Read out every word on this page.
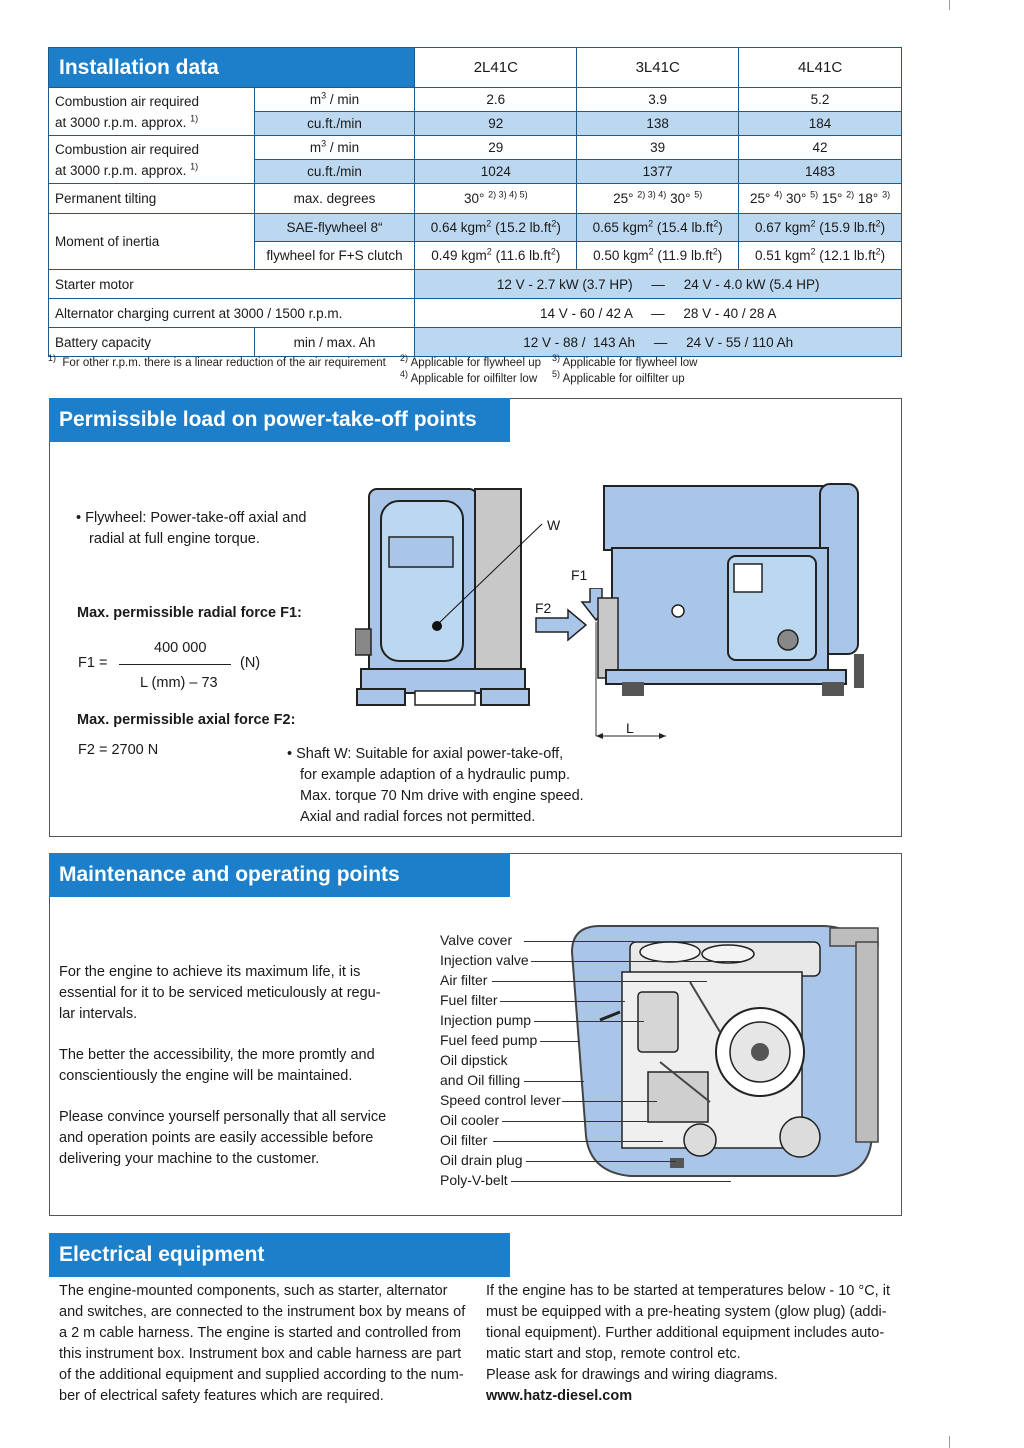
Installation data		2L41C	3L41C	4L41C
Combustion air required
at 3000 r.p.m. approx. $^{1)}$	$m^3$ / min	2.6	3.9	5.2
	cu.ft./min	92	138	184
Combustion air required
at 3000 r.p.m. approx. $^{1)}$	$m^3$ / min	29	39	42
	cu.ft./min	1024	1377	1483
Permanent tilting	max. degrees	30° $^{2) 3) 4) 5)}$	25° $^{2) 3) 4)}$ 30° $^{5)}$	25° $^{4)}$ 30° $^{5)}$ 15° $^{2)}$ 18° $^{3)}$
Moment of inertia	SAE-flywheel 8“	0.64 kgm$^2$ (15.2 $lb.ft^2$)	0.65 kgm$^2$ (15.4 $lb.ft^2$)	0.67 kgm$^2$ (15.9 $lb.ft^2$)
	flywheel for F+S clutch	0.49 kgm$^2$ (11.6 $lb.ft^2$)	0.50 kgm$^2$ (11.9 $lb.ft^2$)	0.51 kgm$^2$ (12.1 $lb.ft^2$)
Starter motor		12 V - 2.7 kW (3.7 HP)     —     24 V - 4.0 kW (5.4 HP)		
Alternator charging current at 3000 / 1500 r.p.m.		14 V - 60 / 42 A     —     28 V - 40 / 28 A		
Battery capacity	min / max. Ah	12 V - 88 /  143 Ah     —     24 V - 55 / 110 Ah		
$^{1)}$ For other r.p.m. there is a linear reduction of the air requirement $^{2)}$ Applicable for flywheel up $^{3)}$ Applicable for flywheel low
$^{4)}$ Applicable for oilfilter low $^{5)}$ Applicable for oilfilter up
Permissible load on power-take-off points
• Flywheel: Power-take-off axial and
radial at full engine torque.
Max. permissible radial force F1:
400 000
F1 =	(N)
L (mm) – 73
Max. permissible axial force F2:
F2 = 2700 N	• Shaft W: Suitable for axial power-take-off,
for example adaption of a hydraulic pump.
Max. torque 70 Nm drive with engine speed.
Axial and radial forces not permitted.
W
F1
F2
L
Maintenance and operating points
For the engine to achieve its maximum life, it is
essential for it to be serviced meticulously at regu-
lar intervals.
The better the accessibility, the more promtly and
conscientiously the engine will be maintained.
Please convince yourself personally that all service
and operation points are easily accessible before
delivering your machine to the customer.
Valve cover
Injection valve
Air filter
Fuel filter
Injection pump
Fuel feed pump
Oil dipstick
and Oil filling
Speed control lever
Oil cooler
Oil filter
Oil drain plug
Poly-V-belt
Electrical equipment
The engine-mounted components, such as starter, alternator
and switches, are connected to the instrument box by means of
a 2 m cable harness. The engine is started and controlled from
this instrument box. Instrument box and cable harness are part
of the additional equipment and supplied according to the num-
ber of electrical safety features which are required.
If the engine has to be started at temperatures below - 10 °C, it
must be equipped with a pre-heating system (glow plug) (addi-
tional equipment). Further additional equipment includes auto-
matic start and stop, remote control etc.
Please ask for drawings and wiring diagrams.
www.hatz-diesel.com
